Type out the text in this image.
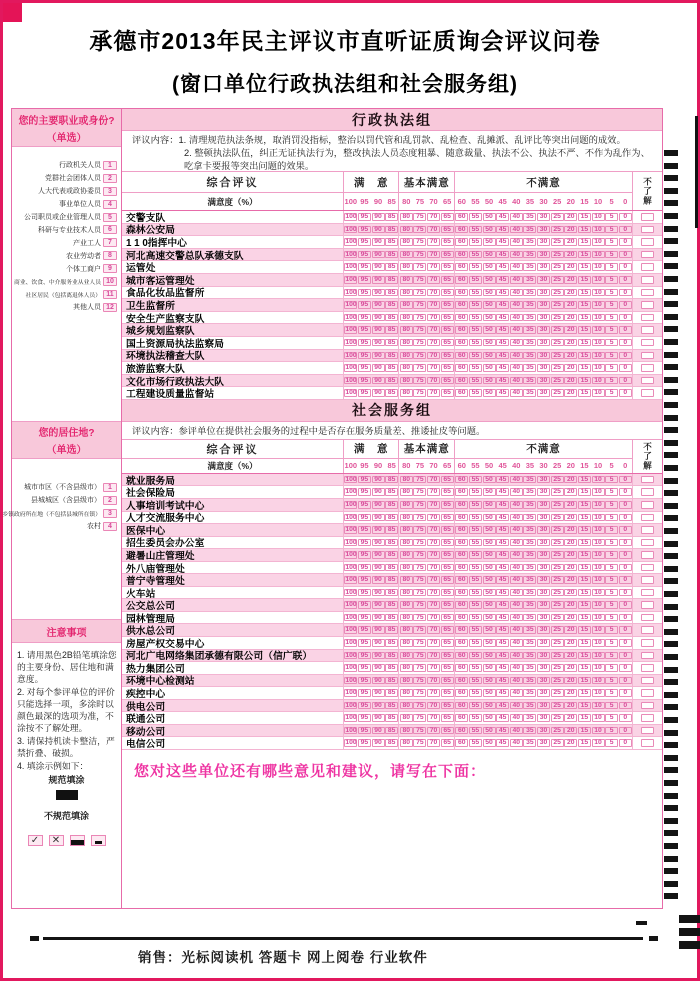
承德市2013年民主评议市直听证质询会评议问卷
(窗口单位行政执法组和社会服务组)
您的主要职业或身份?
（单选）
行政机关人员	1
党群社会团体人员	2
人大代表或政协委员	3
事业单位人员	4
公司职员或企业管理人员	5
科研与专业技术人员	6
产业工人	7
农业劳动者	8
个体工商户	9
商业、饮食、中介服务业从业人员 10
社区居民（包括离退休人员） 11
其他人员 12
您的居住地?
（单选）
城市市区（不含县级市）	1
县城城区（含县级市）	2
乡镇政府所在地（不包括县城所在镇）	3
农村	4
注意事项
1. 请用黑色2B铅笔填涂您的主要身份、居住地和满意度。
2. 对每个参评单位的评价只能选择一项，多涂时以颜色最深的选项为准，不涂按不了解处理。
3. 请保持机读卡整洁，严禁折叠、破损。
4. 填涂示例如下：
规范填涂
不规范填涂
✓	✕
行政执法组
评议内容：1. 清理规范执法条规，取消罚没指标，整治以罚代管和乱罚款、乱检查、乱摊派、乱评比等突出问题的成效。
2. 整顿执法队伍，纠正无证执法行为，整改执法人员态度粗暴、随意裁量、执法不公、执法不严、不作为乱作为、吃拿卡要报等突出问题的效果。
综合评议
满意度（%）
满　意
100 95 90 85
基本满意
80 75 70 65
不满意
60 55 50 45 40 35 30 25 20 15 10 5	0	不了解
交警支队	100 95 90 85	80 75 70 65	60 55 50 45 40 35 30 25 20 15 10	5	0
森林公安局	100 95 90 85	80 75 70 65	60 55 50 45 40 35 30 25 20 15 10	5	0
1 1 0指挥中心	100 95 90 85	80 75 70 65	60 55 50 45 40 35 30 25 20 15 10	5	0
河北高速交警总队承德支队	100 95 90 85	80 75 70 65	60 55 50 45 40 35 30 25 20 15 10	5	0
运管处	100 95 90 85	80 75 70 65	60 55 50 45 40 35 30 25 20 15 10	5	0
城市客运管理处	100 95 90 85	80 75 70 65	60 55 50 45 40 35 30 25 20 15 10	5	0
食品化妆品监督所	100 95 90 85	80 75 70 65	60 55 50 45 40 35 30 25 20 15 10	5	0
卫生监督所	100 95 90 85	80 75 70 65	60 55 50 45 40 35 30 25 20 15 10	5	0
安全生产监察支队	100 95 90 85	80 75 70 65	60 55 50 45 40 35 30 25 20 15 10	5	0
城乡规划监察队	100 95 90 85	80 75 70 65	60 55 50 45 40 35 30 25 20 15 10	5	0
国土资源局执法监察局	100 95 90 85	80 75 70 65	60 55 50 45 40 35 30 25 20 15 10	5	0
环境执法稽查大队	100 95 90 85	80 75 70 65	60 55 50 45 40 35 30 25 20 15 10	5	0
旅游监察大队	100 95 90 85	80 75 70 65	60 55 50 45 40 35 30 25 20 15 10	5	0
文化市场行政执法大队	100 95 90 85	80 75 70 65	60 55 50 45 40 35 30 25 20 15 10	5	0
工程建设质量监督站	100 95 90 85	80 75 70 65	60 55 50 45 40 35 30 25 20 15 10	5	0
社会服务组
评议内容：参评单位在提供社会服务的过程中是否存在服务质量差、推诿扯皮等问题。
综合评议
满意度（%）
满　意
100 95 90 85
基本满意
80 75 70 65
不满意
60 55 50 45 40 35 30 25 20 15 10 5	0	不了解
就业服务局	100 95 90 85	80 75 70 65	60 55 50 45 40 35 30 25 20 15 10	5	0
社会保险局	100 95 90 85	80 75 70 65	60 55 50 45 40 35 30 25 20 15 10	5	0
人事培训考试中心	100 95 90 85	80 75 70 65	60 55 50 45 40 35 30 25 20 15 10	5	0
人才交流服务中心	100 95 90 85	80 75 70 65	60 55 50 45 40 35 30 25 20 15 10	5	0
医保中心	100 95 90 85	80 75 70 65	60 55 50 45 40 35 30 25 20 15 10	5	0
招生委员会办公室	100 95 90 85	80 75 70 65	60 55 50 45 40 35 30 25 20 15 10	5	0
避暑山庄管理处	100 95 90 85	80 75 70 65	60 55 50 45 40 35 30 25 20 15 10	5	0
外八庙管理处	100 95 90 85	80 75 70 65	60 55 50 45 40 35 30 25 20 15 10	5	0
普宁寺管理处	100 95 90 85	80 75 70 65	60 55 50 45 40 35 30 25 20 15 10	5	0
火车站	100 95 90 85	80 75 70 65	60 55 50 45 40 35 30 25 20 15 10	5	0
公交总公司	100 95 90 85	80 75 70 65	60 55 50 45 40 35 30 25 20 15 10	5	0
园林管理局	100 95 90 85	80 75 70 65	60 55 50 45 40 35 30 25 20 15 10	5	0
供水总公司	100 95 90 85	80 75 70 65	60 55 50 45 40 35 30 25 20 15 10	5	0
房屋产权交易中心	100 95 90 85	80 75 70 65	60 55 50 45 40 35 30 25 20 15 10	5	0
河北广电网络集团承德有限公司（信广联）	100 95 90 85	80 75 70 65	60 55 50 45 40 35 30 25 20 15 10	5	0
热力集团公司	100 95 90 85	80 75 70 65	60 55 50 45 40 35 30 25 20 15 10	5	0
环境中心检测站	100 95 90 85	80 75 70 65	60 55 50 45 40 35 30 25 20 15 10	5	0
疾控中心	100 95 90 85	80 75 70 65	60 55 50 45 40 35 30 25 20 15 10	5	0
供电公司	100 95 90 85	80 75 70 65	60 55 50 45 40 35 30 25 20 15 10	5	0
联通公司	100 95 90 85	80 75 70 65	60 55 50 45 40 35 30 25 20 15 10	5	0
移动公司	100 95 90 85	80 75 70 65	60 55 50 45 40 35 30 25 20 15 10	5	0
电信公司	100 95 90 85	80 75 70 65	60 55 50 45 40 35 30 25 20 15 10	5	0
您对这些单位还有哪些意见和建议，请写在下面：
销售：光标阅读机 答题卡 网上阅卷 行业软件
